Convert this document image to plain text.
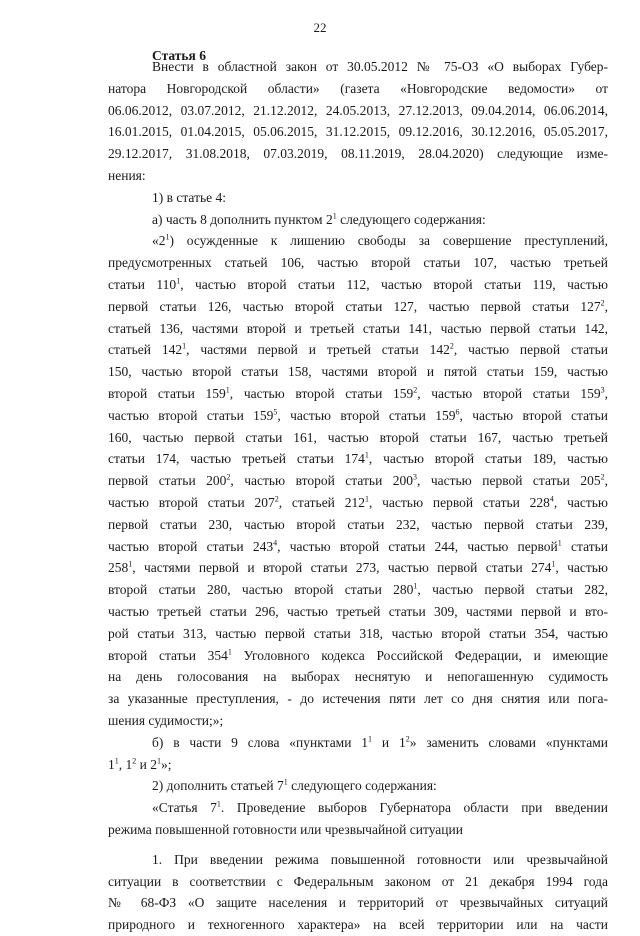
22
Статья 6
Внести в областной закон от 30.05.2012 № 75-ОЗ «О выборах Губер-
натора Новгородской области» (газета «Новгородские ведомости» от
06.06.2012, 03.07.2012, 21.12.2012, 24.05.2013, 27.12.2013, 09.04.2014, 06.06.2014,
16.01.2015, 01.04.2015, 05.06.2015, 31.12.2015, 09.12.2016, 30.12.2016, 05.05.2017,
29.12.2017, 31.08.2018, 07.03.2019, 08.11.2019, 28.04.2020) следующие изме-
нения:
1) в статье 4:
а) часть 8 дополнить пунктом $2^1$ следующего содержания:
«$2^1$) осужденные к лишению свободы за совершение преступлений,
предусмотренных статьей 106, частью второй статьи 107, частью третьей
статьи $110^1$, частью второй статьи 112, частью второй статьи 119, частью
первой статьи 126, частью второй статьи 127, частью первой статьи $127^2$,
статьей 136, частями второй и третьей статьи 141, частью первой статьи 142,
статьей $142^1$, частями первой и третьей статьи $142^2$, частью первой статьи
150, частью второй статьи 158, частями второй и пятой статьи 159, частью
второй статьи $159^1$, частью второй статьи $159^2$, частью второй статьи $159^3$,
частью второй статьи $159^5$, частью второй статьи $159^6$, частью второй статьи
160, частью первой статьи 161, частью второй статьи 167, частью третьей
статьи 174, частью третьей статьи $174^1$, частью второй статьи 189, частью
первой статьи $200^2$, частью второй статьи $200^3$, частью первой статьи $205^2$,
частью второй статьи $207^2$, статьей $212^1$, частью первой статьи $228^4$, частью
первой статьи 230, частью второй статьи 232, частью первой статьи 239,
частью второй статьи $243^4$, частью второй статьи 244, частью первой$^1$ статьи
$258^1$, частями первой и второй статьи 273, частью первой статьи $274^1$, частью
второй статьи 280, частью второй статьи $280^1$, частью первой статьи 282,
частью третьей статьи 296, частью третьей статьи 309, частями первой и вто-
рой статьи 313, частью первой статьи 318, частью второй статьи 354, частью
второй статьи $354^1$ Уголовного кодекса Российской Федерации, и имеющие
на день голосования на выборах неснятую и непогашенную судимость
за указанные преступления, - до истечения пяти лет со дня снятия или пога-
шения судимости;»;
б) в части 9 слова «пунктами $1^1$ и $1^2$» заменить словами «пунктами
$1^1$, $1^2$ и $2^1$»;
2) дополнить статьей $7^1$ следующего содержания:
«Статья $7^1$. Проведение выборов Губернатора области при введении
режима повышенной готовности или чрезвычайной ситуации
1. При введении режима повышенной готовности или чрезвычайной
ситуации в соответствии с Федеральным законом от 21 декабря 1994 года
№ 68-ФЗ «О защите населения и территорий от чрезвычайных ситуаций
природного и техногенного характера» на всей территории или на части
